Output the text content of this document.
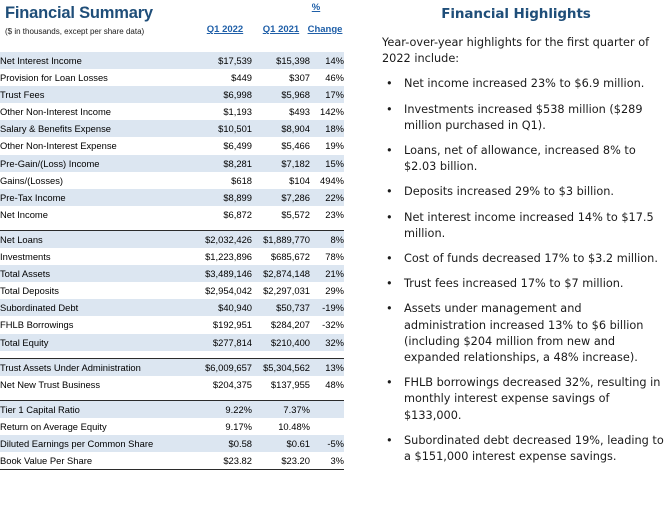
Financial Summary
($ in thousands, except per share data)
%
Q1 2022	Q1 2021 Change
Net Interest Income	$17,539	$15,398	14%
Provision for Loan Losses	$449	$307	46%
Trust Fees	$6,998	$5,968	17%
Other Non-Interest Income	$1,193	$493	142%
Salary & Benefits Expense	$10,501	$8,904	18%
Other Non-Interest Expense	$6,499	$5,466	19%
Pre-Gain/(Loss) Income	$8,281	$7,182	15%
Gains/(Losses)	$618	$104	494%
Pre-Tax Income	$8,899	$7,286	22%
Net Income	$6,872	$5,572	23%

Net Loans	$2,032,426	$1,889,770	8%
Investments	$1,223,896	$685,672	78%
Total Assets	$3,489,146	$2,874,148	21%
Total Deposits	$2,954,042	$2,297,031	29%
Subordinated Debt	$40,940	$50,737	-19%
FHLB Borrowings	$192,951	$284,207	-32%
Total Equity	$277,814	$210,400	32%

Trust Assets Under Administration	$6,009,657	$5,304,562	13%
Net New Trust Business	$204,375	$137,955	48%

Tier 1 Capital Ratio	9.22%	7.37%	
Return on Average Equity	9.17%	10.48%	
Diluted Earnings per Common Share	$0.58	$0.61	-5%
Book Value Per Share	$23.82	$23.20	3%

Financial Highlights
Year-over-year highlights for the first quarter of 2022 include:
• Net income increased 23% to $6.9 million.
• Investments increased $538 million ($289 million purchased in Q1).
• Loans, net of allowance, increased 8% to $2.03 billion.
• Deposits increased 29% to $3 billion.
• Net interest income increased 14% to $17.5 million.
• Cost of funds decreased 17% to $3.2 million.
• Trust fees increased 17% to $7 million.
• Assets under management and administration increased 13% to $6 billion (including $204 million from new and expanded relationships, a 48% increase).
• FHLB borrowings decreased 32%, resulting in monthly interest expense savings of $133,000.
• Subordinated debt decreased 19%, leading to a $151,000 interest expense savings.
